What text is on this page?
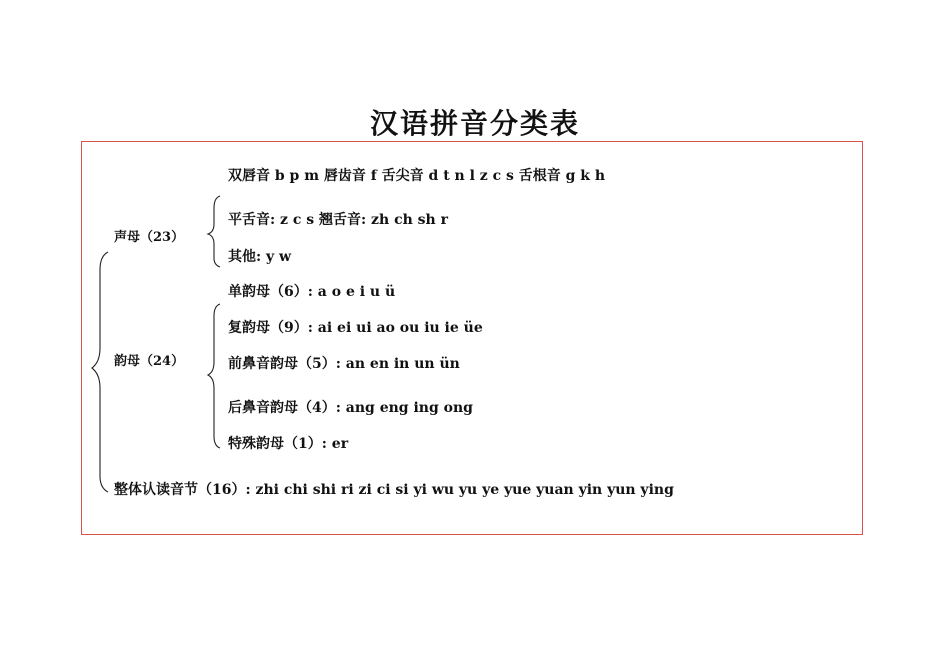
汉语拼音分类表
声母（23）
双唇音 b p m 唇齿音 f 舌尖音 d t n l z c s 舌根音 g k h
平舌音: z c s 翘舌音: zh ch sh r
其他: y w
韵母（24）
单韵母（6）: a o e i u ü
复韵母（9）: ai ei ui ao ou iu ie üe
前鼻音韵母（5）: an en in un ün
后鼻音韵母（4）: ang eng ing ong
特殊韵母（1）: er
整体认读音节（16）: zhi chi shi ri zi ci si yi wu yu ye yue yuan yin yun ying
